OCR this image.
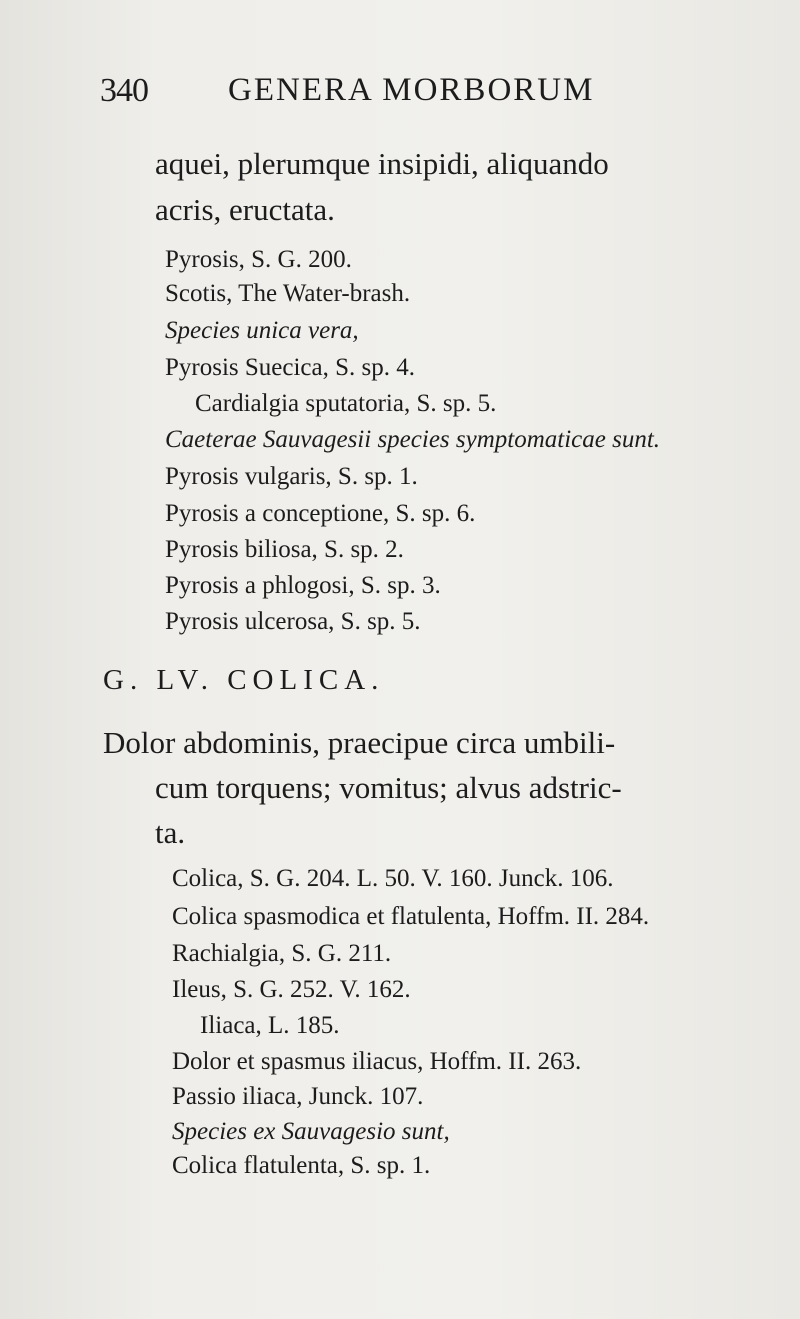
340 GENERA MORBORUM
aquei, plerumque insipidi, aliquando
acris, eructata.
Pyrosis, S. G. 200.
Scotis, The Water-brash.
Species unica vera,
Pyrosis Suecica, S. sp. 4.
Cardialgia sputatoria, S. sp. 5.
Caeterae Sauvagesii species symptomaticae sunt.
Pyrosis vulgaris, S. sp. 1.
Pyrosis a conceptione, S. sp. 6.
Pyrosis biliosa, S. sp. 2.
Pyrosis a phlogosi, S. sp. 3.
Pyrosis ulcerosa, S. sp. 5.
G. LV. COLICA.
Dolor abdominis, praecipue circa umbili-
cum torquens; vomitus; alvus adstric-
ta.
Colica, S. G. 204. L. 50. V. 160. Junck. 106.
Colica spasmodica et flatulenta, Hoffm. II. 284.
Rachialgia, S. G. 211.
Ileus, S. G. 252. V. 162.
Iliaca, L. 185.
Dolor et spasmus iliacus, Hoffm. II. 263.
Passio iliaca, Junck. 107.
Species ex Sauvagesio sunt,
Colica flatulenta, S. sp. 1.
